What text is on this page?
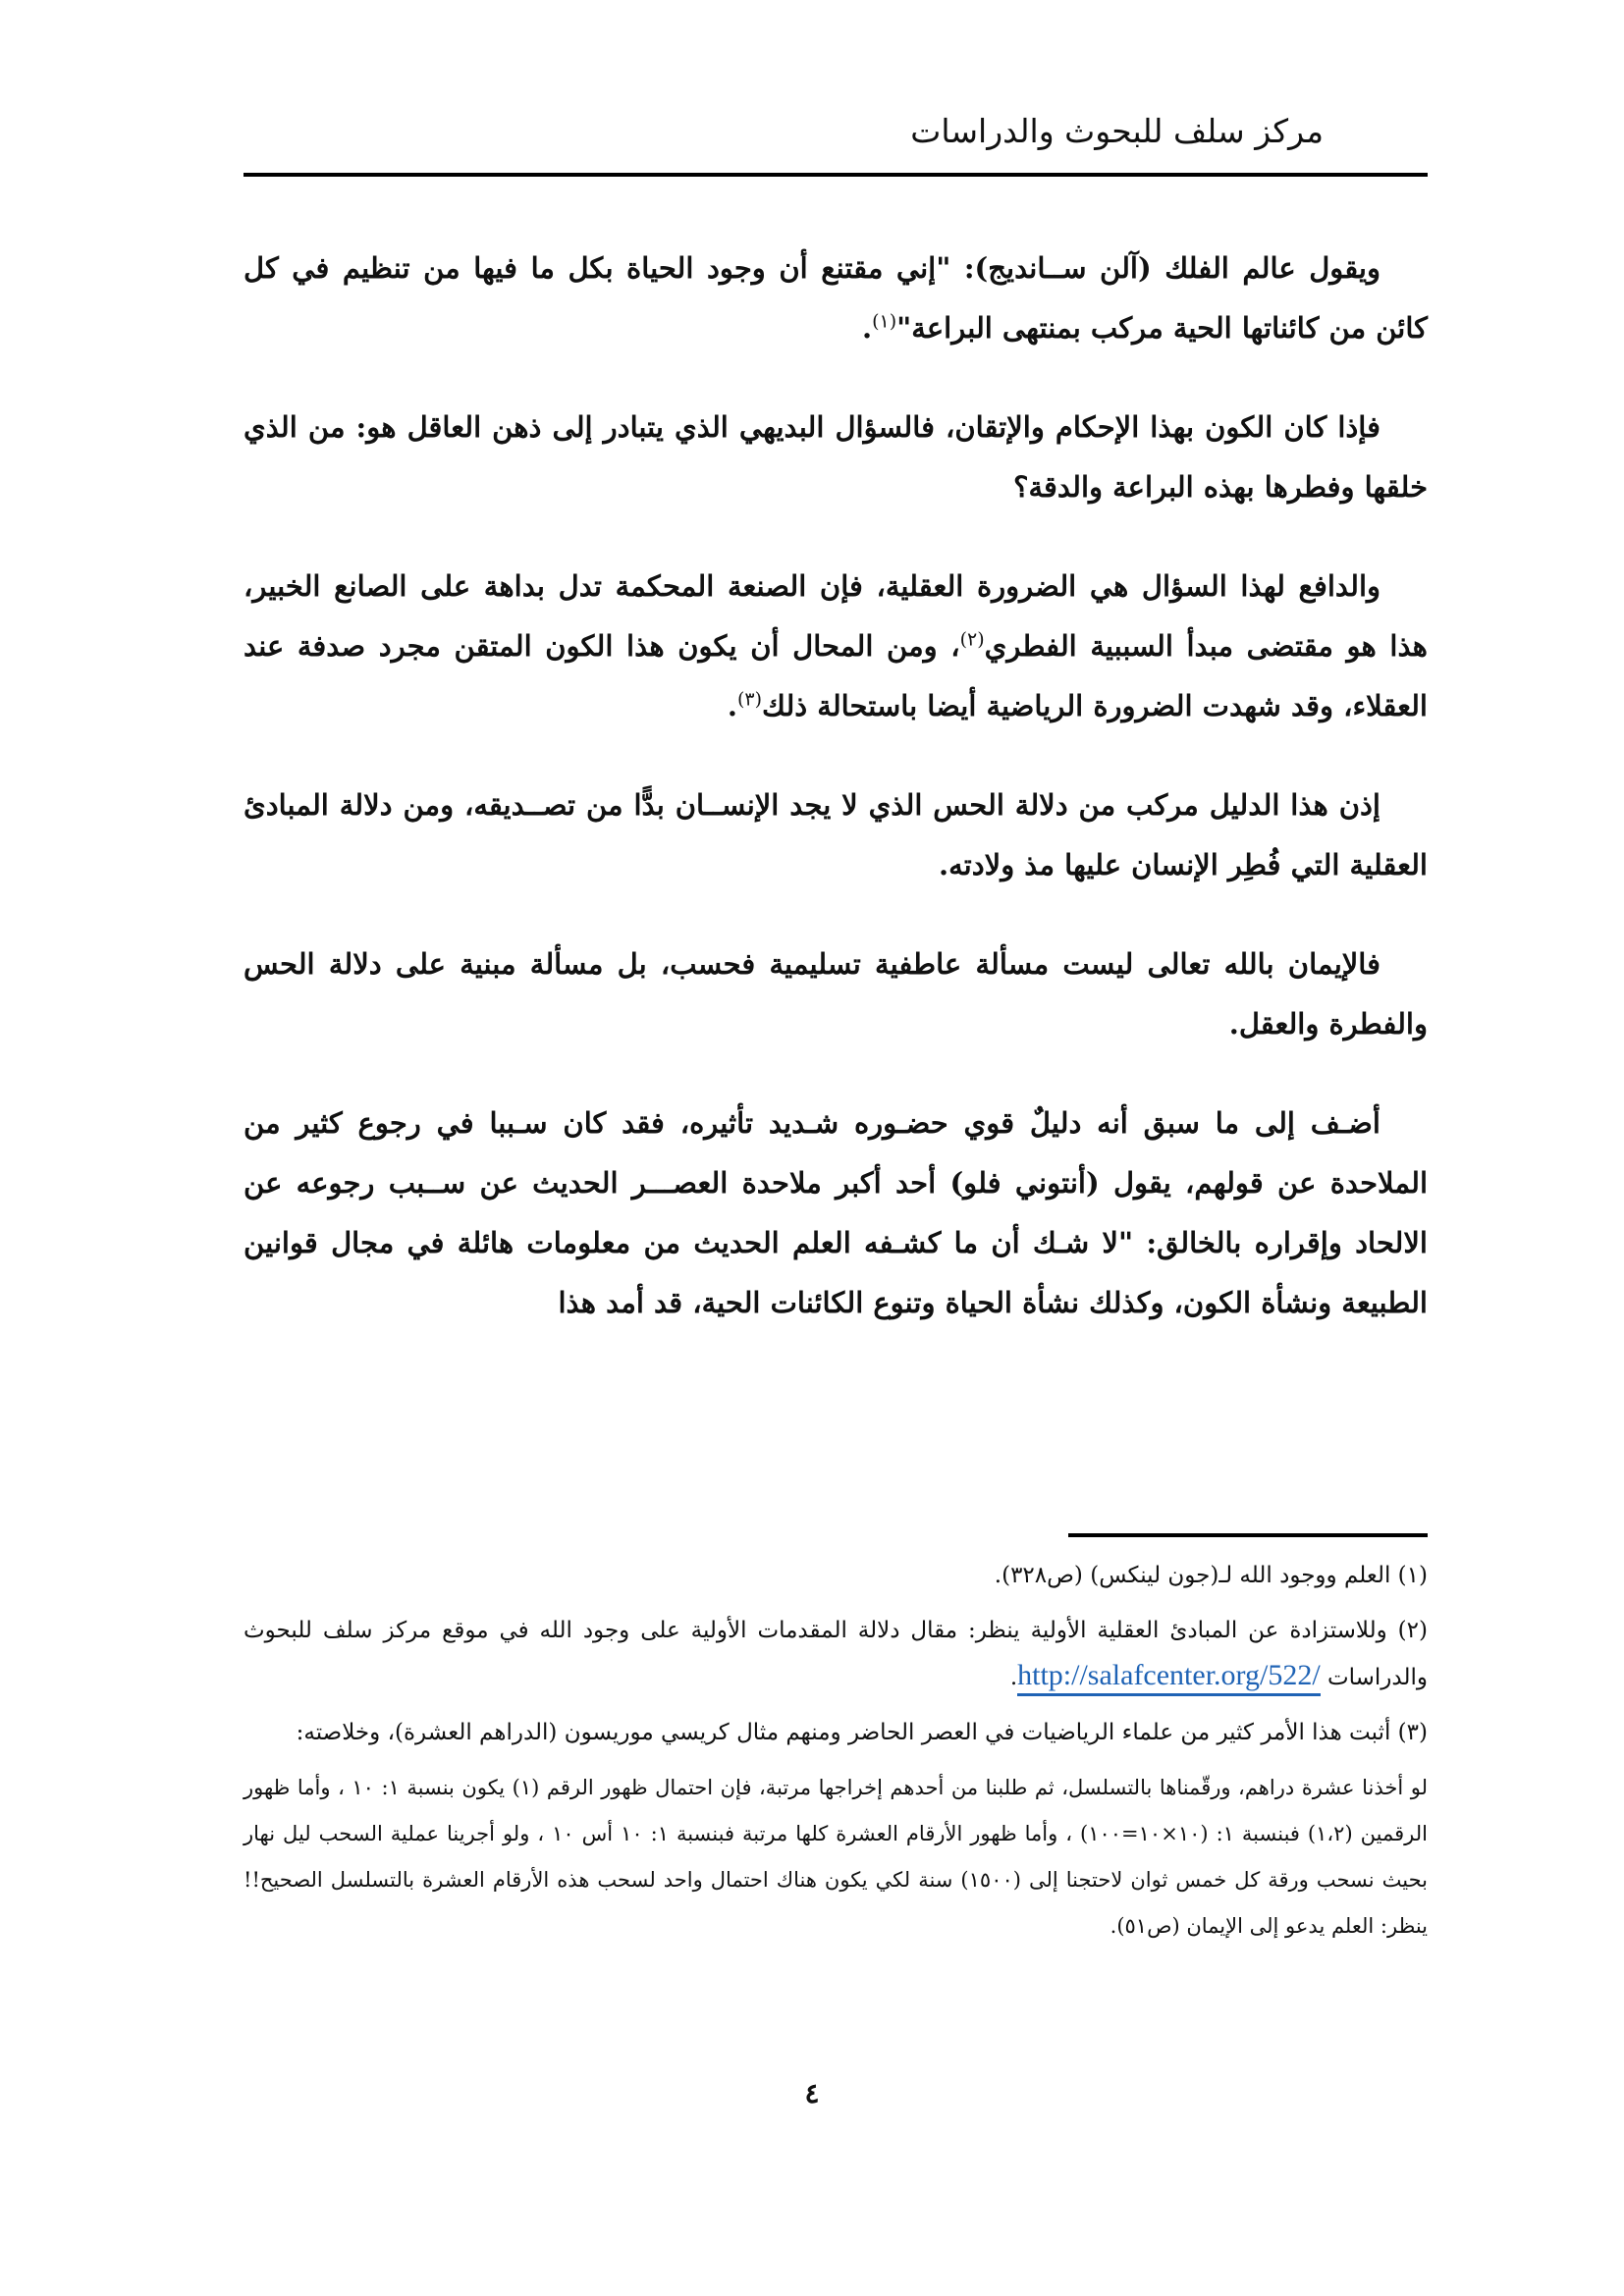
مركز سلف للبحوث والدراسات

ويقول عالم الفلك (آلن ســانديج): "إني مقتنع أن وجود الحياة بكل ما فيها من تنظيم في كل كائن من كائناتها الحية مركب بمنتهى البراعة"$^{(١)}$.

فإذا كان الكون بهذا الإحكام والإتقان، فالسؤال البديهي الذي يتبادر إلى ذهن العاقل هو: من الذي خلقها وفطرها بهذه البراعة والدقة؟

والدافع لهذا السؤال هي الضرورة العقلية، فإن الصنعة المحكمة تدل بداهة على الصانع الخبير، هذا هو مقتضى مبدأ السببية الفطري$^{(٢)}$، ومن المحال أن يكون هذا الكون المتقن مجرد صدفة عند العقلاء، وقد شهدت الضرورة الرياضية أيضا باستحالة ذلك$^{(٣)}$.

إذن هذا الدليل مركب من دلالة الحس الذي لا يجد الإنســان بدًّا من تصــديقه، ومن دلالة المبادئ العقلية التي فُطِر الإنسان عليها مذ ولادته.

فالإيمان بالله تعالى ليست مسألة عاطفية تسليمية فحسب، بل مسألة مبنية على دلالة الحس والفطرة والعقل.

أضـف إلى ما سبق أنه دليلٌ قوي حضـوره شـديد تأثيره، فقد كان سـببا في رجوع كثير من الملاحدة عن قولهم، يقول (أنتوني فلو) أحد أكبر ملاحدة العصـــر الحديث عن ســبب رجوعه عن الالحاد وإقراره بالخالق: "لا شـك أن ما كشـفه العلم الحديث من معلومات هائلة في مجال قوانين الطبيعة ونشأة الكون، وكذلك نشأة الحياة وتنوع الكائنات الحية، قد أمد هذا

(١) العلم ووجود الله لـ(جون لينكس) (ص٣٢٨).

(٢) وللاستزادة عن المبادئ العقلية الأولية ينظر: مقال دلالة المقدمات الأولية على وجود الله في موقع مركز سلف للبحوث والدراسات http://salafcenter.org/522/.

(٣) أثبت هذا الأمر كثير من علماء الرياضيات في العصر الحاضر ومنهم مثال كريسي موريسون (الدراهم العشرة)، وخلاصته:

لو أخذنا عشرة دراهم، ورقّمناها بالتسلسل، ثم طلبنا من أحدهم إخراجها مرتبة، فإن احتمال ظهور الرقم (١) يكون بنسبة ١: ١٠ ، وأما ظهور الرقمين (١،٢) فبنسبة ١: (١٠×١٠=١٠٠) ، وأما ظهور الأرقام العشرة كلها مرتبة فبنسبة ١: ١٠ أس ١٠ ، ولو أجرينا عملية السحب ليل نهار بحيث نسحب ورقة كل خمس ثوان لاحتجنا إلى (١٥٠٠) سنة لكي يكون هناك احتمال واحد لسحب هذه الأرقام العشرة بالتسلسل الصحيح!! ينظر: العلم يدعو إلى الإيمان (ص٥١).

٤
